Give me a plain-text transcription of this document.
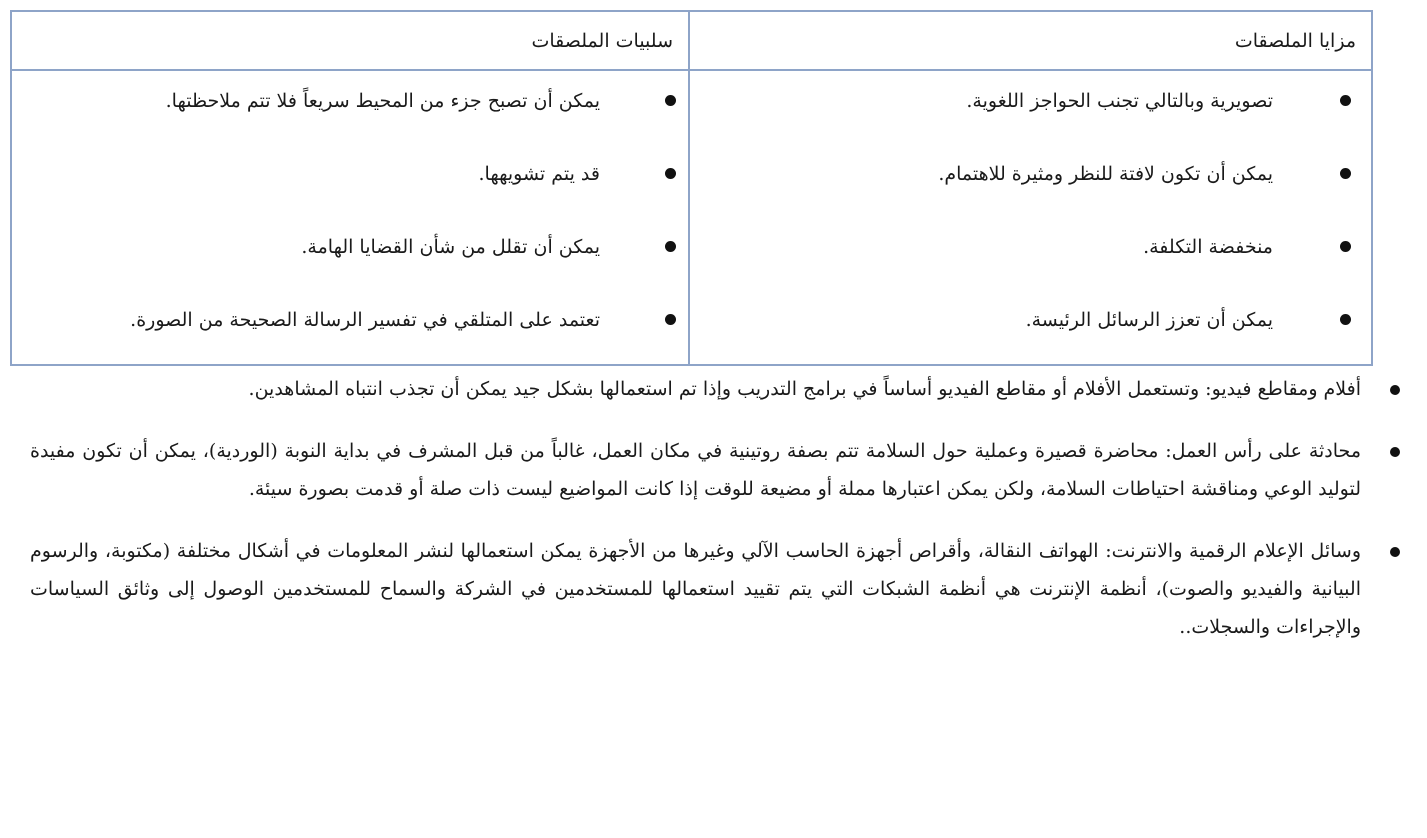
مزايا الملصقات
تصويرية وبالتالي تجنب الحواجز اللغوية.
يمكن أن تكون لافتة للنظر ومثيرة للاهتمام.
منخفضة التكلفة.
يمكن أن تعزز الرسائل الرئيسة.
سلبيات الملصقات
يمكن أن تصبح جزء من المحيط سريعاً فلا تتم ملاحظتها.
قد يتم تشويهها.
يمكن أن تقلل من شأن القضايا الهامة.
تعتمد على المتلقي في تفسير الرسالة الصحيحة من الصورة.
أفلام ومقاطع فيديو: وتستعمل الأفلام أو مقاطع الفيديو أساساً في برامج التدريب وإذا تم استعمالها بشكل جيد يمكن أن تجذب انتباه المشاهدين.
محادثة على رأس العمل: محاضرة قصيرة وعملية حول السلامة تتم بصفة روتينية في مكان العمل، غالباً من قبل المشرف في بداية النوبة (الوردية)، يمكن أن تكون مفيدة لتوليد الوعي ومناقشة احتياطات السلامة، ولكن يمكن اعتبارها مملة أو مضيعة للوقت إذا كانت المواضيع ليست ذات صلة أو قدمت بصورة سيئة.
وسائل الإعلام الرقمية والانترنت: الهواتف النقالة، وأقراص أجهزة الحاسب الآلي وغيرها من الأجهزة يمكن استعمالها لنشر المعلومات في أشكال مختلفة (مكتوبة، والرسوم البيانية والفيديو والصوت)، أنظمة الإنترنت هي أنظمة الشبكات التي يتم تقييد استعمالها للمستخدمين في الشركة والسماح للمستخدمين الوصول إلى وثائق السياسات والإجراءات والسجلات..
